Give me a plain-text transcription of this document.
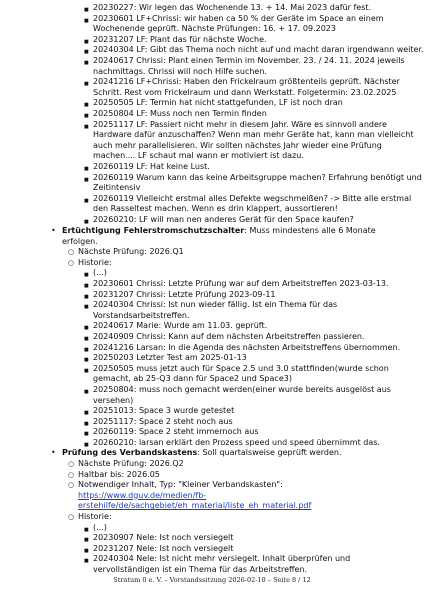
■ 20230227: Wir legen das Wochenende 13. + 14. Mai 2023 dafür fest.
■ 20230601 LF+Chrissi: wir haben ca 50 % der Geräte im Space an einem Wochenende geprüft. Nächste Prüfungen: 16. + 17. 09.2023
■ 20231207 LF: Plant das für nächste Woche.
■ 20240304 LF: Gibt das Thema noch nicht auf und macht daran irgendwann weiter.
■ 20240617 Chrissi: Plant einen Termin im November. 23. / 24. 11. 2024 jeweils nachmittags. Chrissi will noch Hilfe suchen.
■ 20241216 LF+Chrissi: Haben den Frickelraum größtenteils geprüft. Nächster Schritt. Rest vom Frickelraum und dann Werkstatt. Folgetermin: 23.02.2025
■ 20250505 LF: Termin hat nicht stattgefunden, LF ist noch dran
■ 20250804 LF: Muss noch nen Termin finden
■ 20251117 LF: Passiert nicht mehr in diesem Jahr. Wäre es sinnvoll andere Hardware dafür anzuschaffen? Wenn man mehr Geräte hat, kann man vielleicht auch mehr parallelisieren. Wir sollten nächstes Jahr wieder eine Prüfung machen.... LF schaut mal wann er motiviert ist dazu.
■ 20260119 LF: Hat keine Lust.
■ 20260119 Warum kann das keine Arbeitsgruppe machen? Erfahrung benötigt und Zeitintensiv
■ 20260119 Vielleicht erstmal alles Defekte wegschmeißen? -> Bitte alle erstmal den Rasseltest machen. Wenn es drin klappert, aussortieren!
■ 20260210: LF will man nen anderes Gerät für den Space kaufen?
• Ertüchtigung Fehlerstromschutzschalter: Muss mindestens alle 6 Monate erfolgen.
○ Nächste Prüfung: 2026.Q1
○ Historie:
■ (...)
■ 20230601 Chrissi: Letzte Prüfung war auf dem Arbeitstreffen 2023-03-13.
■ 20231207 Chrissi: Letzte Prüfung 2023-09-11
■ 20240304 Chrissi: Ist nun wieder fällig. Ist ein Thema für das Vorstandsarbeitstreffen.
■ 20240617 Marie: Wurde am 11.03. geprüft.
■ 20240909 Chrissi: Kann auf dem nächsten Arbeitstreffen passieren.
■ 20241216 Larsan: In die Agenda des nächsten Arbeitstreffens übernommen.
■ 20250203 Letzter Test am 2025-01-13
■ 20250505 muss jetzt auch für Space 2.5 und 3.0 stattfinden(wurde schon gemacht, ab 25-Q3 dann für Space2 und Space3)
■ 20250804: muss noch gemacht werden(einer wurde bereits ausgelöst aus versehen)
■ 20251013: Space 3 wurde getestet
■ 20251117: Space 2 steht noch aus
■ 20260119: Space 2 steht immernoch aus
■ 20260210: larsan erklärt den Prozess speed und speed übernimmt das.
• Prüfung des Verbandskastens: Soll quartalsweise geprüft werden.
○ Nächste Prüfung: 2026.Q2
○ Haltbar bis: 2026.05
○ Notwendiger Inhalt, Typ: "Kleiner Verbandskasten": https://www.dguv.de/medien/fb-erstehilfe/de/sachgebiet/eh_material/liste_eh_material.pdf
○ Historie:
■ (...)
■ 20230907 Nele: Ist noch versiegelt
■ 20231207 Nele: Ist noch versiegelt
■ 20240304 Nele: Ist nicht mehr versiegelt. Inhalt überprüfen und vervollständigen ist ein Thema für das Arbeitstreffen.
Stratum 0 e. V. – Vorstandssitzung 2026-02-10 – Seite 8 / 12
